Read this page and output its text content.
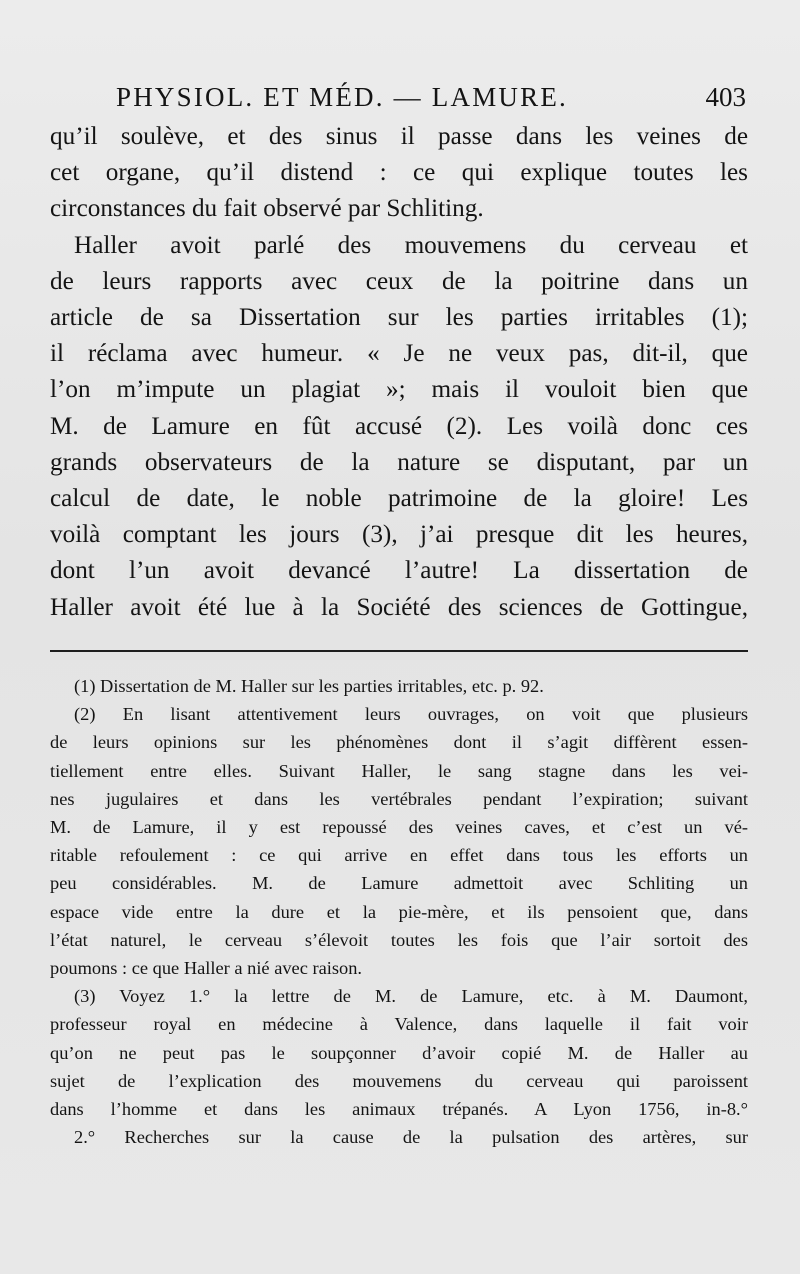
PHYSIOL. ET MÉD. — LAMURE.	403
qu’il soulève, et des sinus il passe dans les veines de
cet organe, qu’il distend : ce qui explique toutes les
circonstances du fait observé par Schliting.
Haller avoit parlé des mouvemens du cerveau et
de leurs rapports avec ceux de la poitrine dans un
article de sa Dissertation sur les parties irritables (1);
il réclama avec humeur. « Je ne veux pas, dit-il, que
l’on m’impute un plagiat »; mais il vouloit bien que
M. de Lamure en fût accusé (2). Les voilà donc ces
grands observateurs de la nature se disputant, par un
calcul de date, le noble patrimoine de la gloire! Les
voilà comptant les jours (3), j’ai presque dit les heures,
dont l’un avoit devancé l’autre! La dissertation de
Haller avoit été lue à la Société des sciences de Gottingue,
(1) Dissertation de M. Haller sur les parties irritables, etc. p. 92.
(2) En lisant attentivement leurs ouvrages, on voit que plusieurs
de leurs opinions sur les phénomènes dont il s’agit diffèrent essen-
tiellement entre elles. Suivant Haller, le sang stagne dans les vei-
nes jugulaires et dans les vertébrales pendant l’expiration; suivant
M. de Lamure, il y est repoussé des veines caves, et c’est un vé-
ritable refoulement : ce qui arrive en effet dans tous les efforts un
peu considérables. M. de Lamure admettoit avec Schliting un
espace vide entre la dure et la pie-mère, et ils pensoient que, dans
l’état naturel, le cerveau s’élevoit toutes les fois que l’air sortoit des
poumons : ce que Haller a nié avec raison.
(3) Voyez 1.° la lettre de M. de Lamure, etc. à M. Daumont,
professeur royal en médecine à Valence, dans laquelle il fait voir
qu’on ne peut pas le soupçonner d’avoir copié M. de Haller au
sujet de l’explication des mouvemens du cerveau qui paroissent
dans l’homme et dans les animaux trépanés. A Lyon 1756, in-8.°
2.° Recherches sur la cause de la pulsation des artères, sur
